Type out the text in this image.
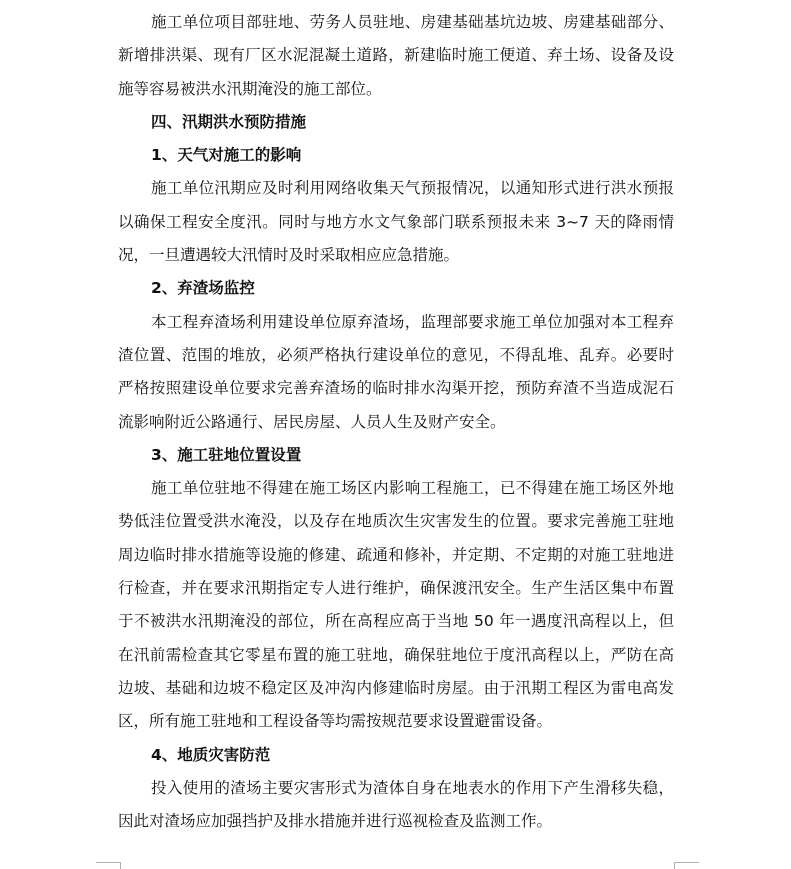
施工单位项目部驻地、劳务人员驻地、房建基础基坑边坡、房建基础部分、新增排洪渠、现有厂区水泥混凝土道路，新建临时施工便道、弃土场、设备及设施等容易被洪水汛期淹没的施工部位。

四、汛期洪水预防措施

1、天气对施工的影响

施工单位汛期应及时利用网络收集天气预报情况，以通知形式进行洪水预报以确保工程安全度汛。同时与地方水文气象部门联系预报未来 3~7 天的降雨情况，一旦遭遇较大汛情时及时采取相应应急措施。

2、弃渣场监控

本工程弃渣场利用建设单位原弃渣场，监理部要求施工单位加强对本工程弃渣位置、范围的堆放，必须严格执行建设单位的意见，不得乱堆、乱弃。必要时严格按照建设单位要求完善弃渣场的临时排水沟渠开挖，预防弃渣不当造成泥石流影响附近公路通行、居民房屋、人员人生及财产安全。

3、施工驻地位置设置

施工单位驻地不得建在施工场区内影响工程施工，已不得建在施工场区外地势低洼位置受洪水淹没，以及存在地质次生灾害发生的位置。要求完善施工驻地周边临时排水措施等设施的修建、疏通和修补，并定期、不定期的对施工驻地进行检查，并在要求汛期指定专人进行维护，确保渡汛安全。生产生活区集中布置于不被洪水汛期淹没的部位，所在高程应高于当地 50 年一遇度汛高程以上，但在汛前需检查其它零星布置的施工驻地，确保驻地位于度汛高程以上，严防在高边坡、基础和边坡不稳定区及冲沟内修建临时房屋。由于汛期工程区为雷电高发区，所有施工驻地和工程设备等均需按规范要求设置避雷设备。

4、地质灾害防范

投入使用的渣场主要灾害形式为渣体自身在地表水的作用下产生滑移失稳，因此对渣场应加强挡护及排水措施并进行巡视检查及监测工作。
